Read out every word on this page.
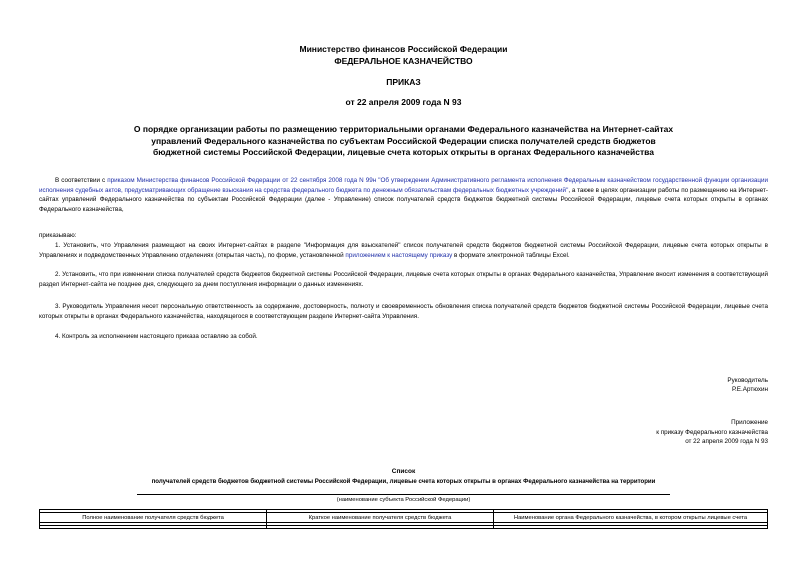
Министерство финансов Российской Федерации
ФЕДЕРАЛЬНОЕ КАЗНАЧЕЙСТВО
ПРИКАЗ
от 22 апреля 2009 года N 93
О порядке организации работы по размещению территориальными органами Федерального казначейства на Интернет-сайтах
управлений Федерального казначейства по субъектам Российской Федерации списка получателей средств бюджетов
бюджетной системы Российской Федерации, лицевые счета которых открыты в органах Федерального казначейства
В соответствии с приказом Министерства финансов Российской Федерации от 22 сентября 2008 года N 99н "Об утверждении Административного регламента исполнения Федеральным казначейством государственной функции организации исполнения судебных актов, предусматривающих обращение взыскания на средства федерального бюджета по денежным обязательствам федеральных бюджетных учреждений", а также в целях организации работы по размещению на Интернет-сайтах управлений Федерального казначейства по субъектам Российской Федерации (далее - Управление) список получателей средств бюджетов бюджетной системы Российской Федерации, лицевые счета которых открыты в органах Федерального казначейства,
приказываю:
1. Установить, что Управления размещают на своих Интернет-сайтах в разделе "Информация для взыскателей" список получателей средств бюджетов бюджетной системы Российской Федерации, лицевые счета которых открыты в Управлениях и подведомственных Управлению отделениях (открытая часть), по форме, установленной приложением к настоящему приказу в формате электронной таблицы Excel.
2. Установить, что при изменении списка получателей средств бюджетов бюджетной системы Российской Федерации, лицевые счета которых открыты в органах Федерального казначейства, Управление вносит изменения в соответствующий раздел Интернет-сайта не позднее дня, следующего за днем поступления информации о данных изменениях.
3. Руководитель Управления несет персональную ответственность за содержание, достоверность, полноту и своевременность обновления списка получателей средств бюджетов бюджетной системы Российской Федерации, лицевые счета которых открыты в органах Федерального казначейства, находящегося в соответствующем разделе Интернет-сайта Управления.
4. Контроль за исполнением настоящего приказа оставляю за собой.
Руководитель
Р.Е.Артюхин
Приложение
к приказу Федерального казначейства
от 22 апреля 2009 года N 93
Список
получателей средств бюджетов бюджетной системы Российской Федерации, лицевые счета которых открыты в органах Федерального казначейства на территории
(наименование субъекта Российской Федерации)

Полное наименование получателя средств бюджета	Краткое наименование получателя средств бюджета	Наименование органа Федерального казначейства, в котором открыты лицевые счета
